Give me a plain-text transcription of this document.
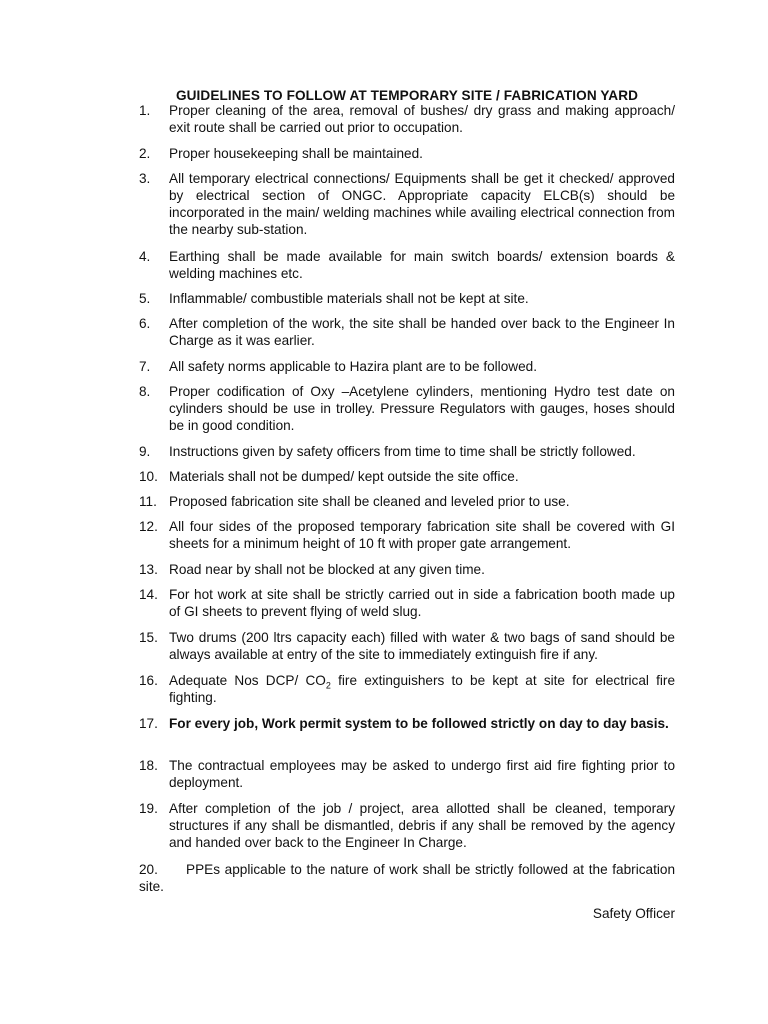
GUIDELINES TO FOLLOW AT TEMPORARY SITE / FABRICATION YARD
1.	Proper cleaning of the area, removal of bushes/ dry grass and making approach/ exit route shall be carried out prior to occupation.
2.	Proper housekeeping shall be maintained.
3.	All temporary electrical connections/ Equipments shall be get it checked/ approved by electrical section of ONGC. Appropriate capacity ELCB(s) should be incorporated in the main/ welding machines while availing electrical connection from the nearby sub-station.
4.	Earthing shall be made available for main switch boards/ extension boards & welding machines etc.
5.	Inflammable/ combustible materials shall not be kept at site.
6.	After completion of the work, the site shall be handed over back to the Engineer In Charge as it was earlier.
7.	All safety norms applicable to Hazira plant are to be followed.
8.	Proper codification of Oxy –Acetylene cylinders, mentioning Hydro test date on cylinders should be use in trolley. Pressure Regulators with gauges, hoses should be in good condition.
9.	Instructions given by safety officers from time to time shall be strictly followed.
10. Materials shall not be dumped/ kept outside the site office.
11. Proposed fabrication site shall be cleaned and leveled prior to use.
12. All four sides of the proposed temporary fabrication site shall be covered with GI sheets for a minimum height of 10 ft with proper gate arrangement.
13. Road near by shall not be blocked at any given time.
14. For hot work at site shall be strictly carried out in side a fabrication booth made up of GI sheets to prevent flying of weld slug.
15. Two drums (200 ltrs capacity each) filled with water & two bags of sand should be always available at entry of the site to immediately extinguish fire if any.
16. Adequate Nos DCP/ $CO_2$ fire extinguishers to be kept at site for electrical fire fighting.
17. For every job, Work permit system to be followed strictly on day to day basis.
18. The contractual employees may be asked to undergo first aid fire fighting prior to deployment.
19. After completion of the job / project, area allotted shall be cleaned, temporary structures if any shall be dismantled, debris if any shall be removed by the agency and handed over back to the Engineer In Charge.
20.	PPEs applicable to the nature of work shall be strictly followed at the fabrication site.
Safety Officer
